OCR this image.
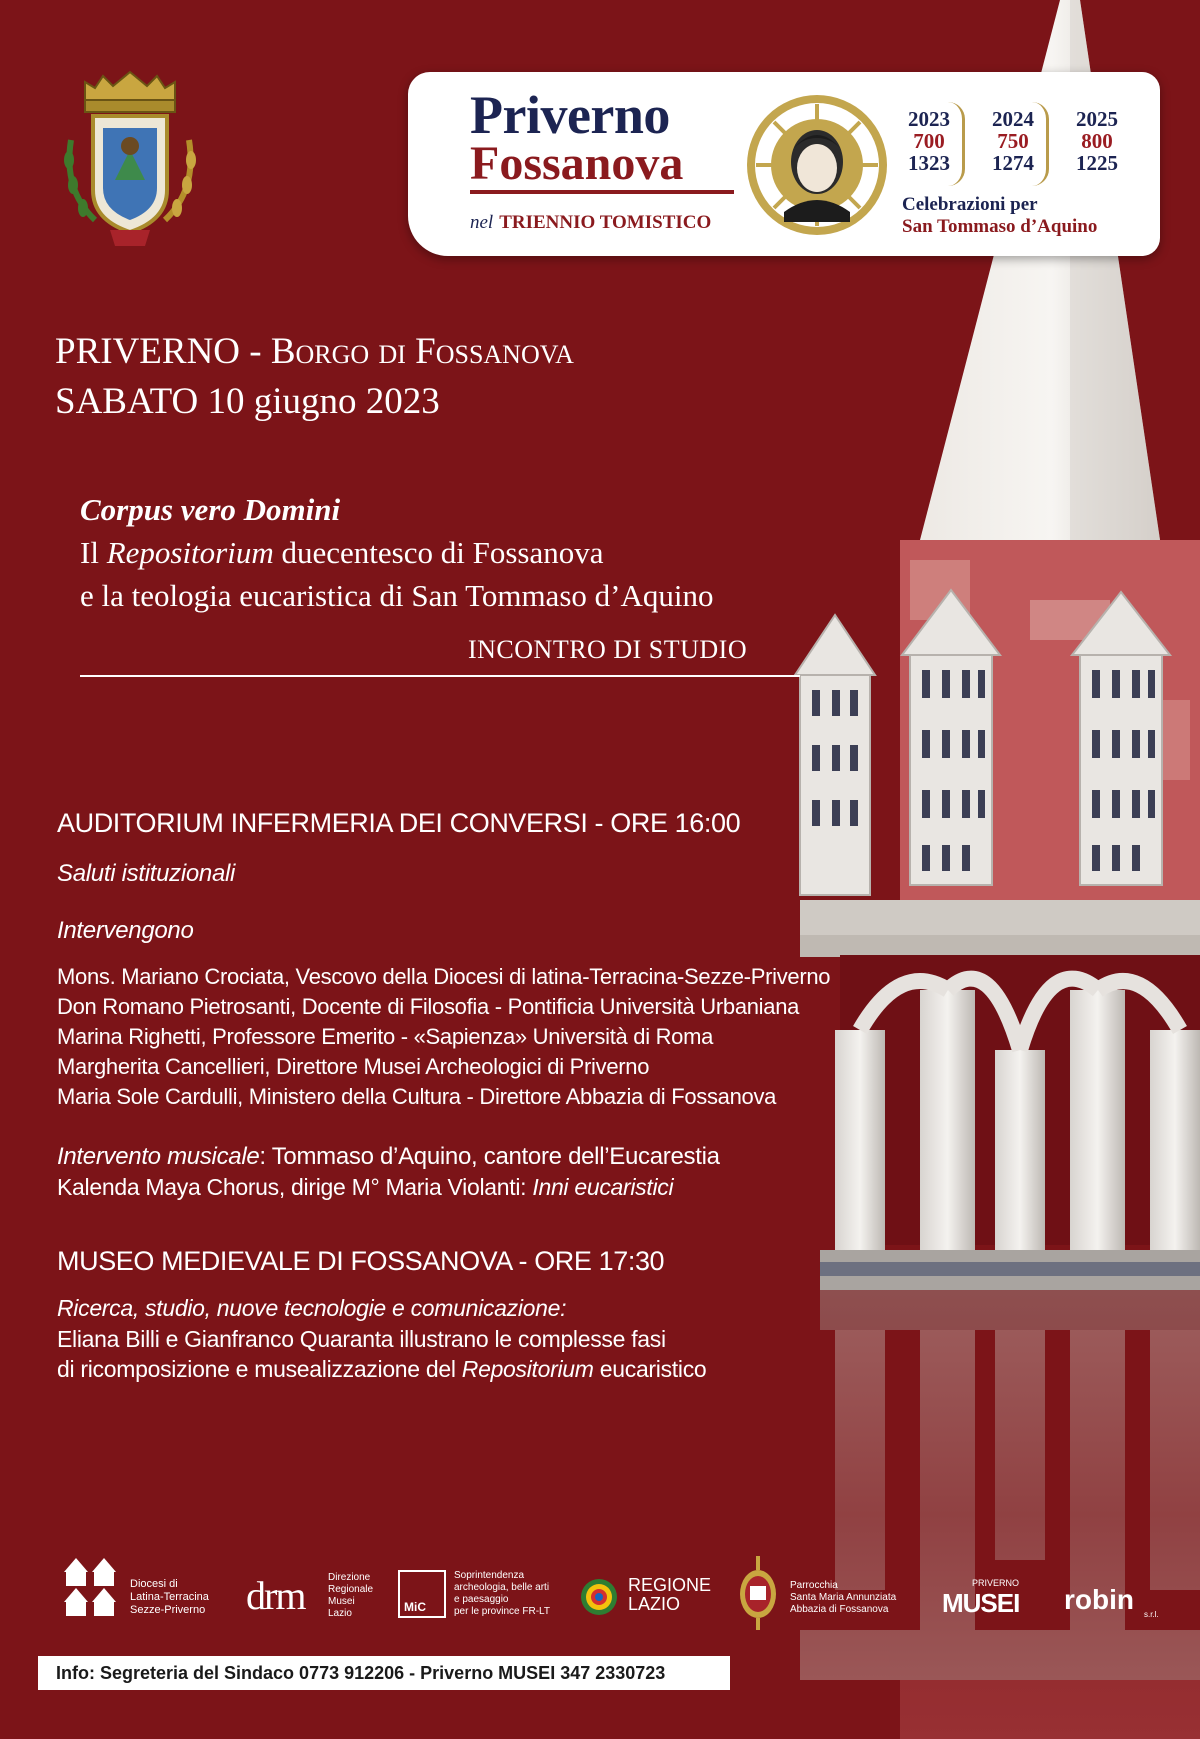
Priverno
Fossanova
nel TRIENNIO TOMISTICO
2023
700
1323
2024
750
1274
2025
800
1225
Celebrazioni per
San Tommaso d’Aquino
PRIVERNO - Borgo di Fossanova
SABATO 10 giugno 2023
Corpus vero Domini
Il Repositorium duecentesco di Fossanova
e la teologia eucaristica di San Tommaso d’Aquino
INCONTRO DI STUDIO
AUDITORIUM INFERMERIA DEI CONVERSI - ORE 16:00
Saluti istituzionali
Intervengono
Mons. Mariano Crociata, Vescovo della Diocesi di latina-Terracina-Sezze-Priverno
Don Romano Pietrosanti, Docente di Filosofia - Pontificia Università Urbaniana
Marina Righetti, Professore Emerito - «Sapienza» Università di Roma
Margherita Cancellieri, Direttore Musei Archeologici di Priverno
Maria Sole Cardulli, Ministero della Cultura - Direttore Abbazia di Fossanova
Intervento musicale: Tommaso d’Aquino, cantore dell’Eucarestia
Kalenda Maya Chorus, dirige M° Maria Violanti: Inni eucaristici
MUSEO MEDIEVALE DI FOSSANOVA - ORE 17:30
Ricerca, studio, nuove tecnologie e comunicazione:
Eliana Billi e Gianfranco Quaranta illustrano le complesse fasi
di ricomposizione e musealizzazione del Repositorium eucaristico
Diocesi di
Latina-Terracina
Sezze-Priverno drm Direzione
Regionale
Musei
Lazio	MiC
Soprintendenza
archeologia, belle arti
e paesaggio
per le province FR-LT
REGIONE
LAZIO
Parrocchia
Santa Maria Annunziata
Abbazia di Fossanova
PRIVERNO
MUSEI robin s.r.l.
Info: Segreteria del Sindaco 0773 912206 - Priverno MUSEI 347 2330723
